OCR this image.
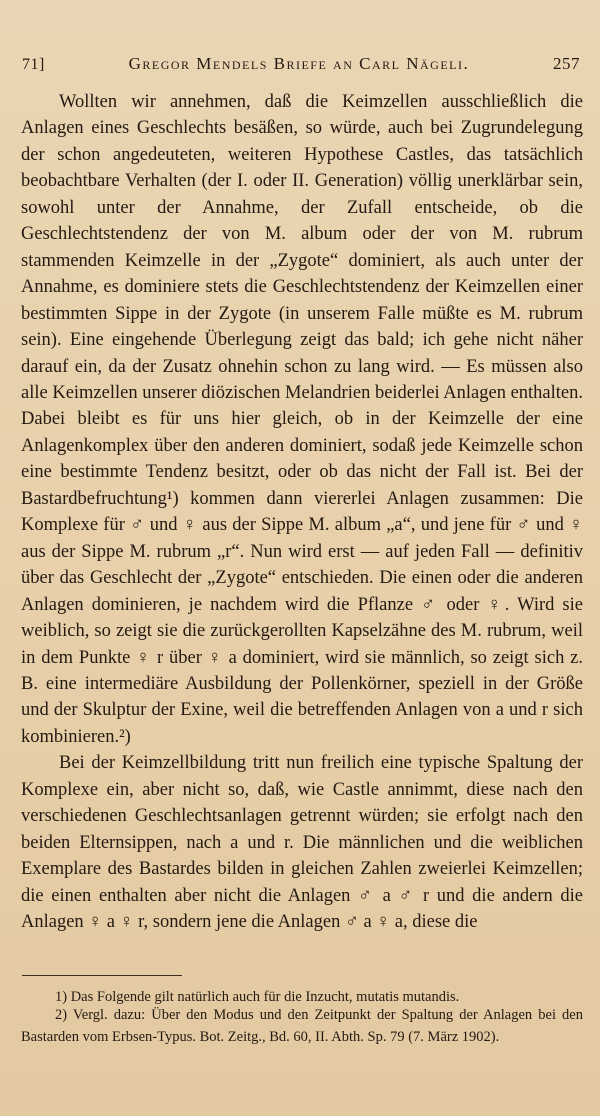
71]	Gregor Mendels Briefe an Carl Nägeli.	257

Wollten wir annehmen, daß die Keimzellen ausschließlich die Anlagen eines Geschlechts besäßen, so würde, auch bei Zugrundelegung der schon angedeuteten, weiteren Hypothese Castles, das tatsächlich beobachtbare Verhalten (der I. oder II. Generation) völlig unerklärbar sein, sowohl unter der Annahme, der Zufall entscheide, ob die Geschlechtstendenz der von M. album oder der von M. rubrum stammenden Keimzelle in der „Zygote“ dominiert, als auch unter der Annahme, es dominiere stets die Geschlechtstendenz der Keimzellen einer bestimmten Sippe in der Zygote (in unserem Falle müßte es M. rubrum sein). Eine eingehende Überlegung zeigt das bald; ich gehe nicht näher darauf ein, da der Zusatz ohnehin schon zu lang wird. — Es müssen also alle Keimzellen unserer diözischen Melandrien beiderlei Anlagen enthalten. Dabei bleibt es für uns hier gleich, ob in der Keimzelle der eine Anlagenkomplex über den anderen dominiert, sodaß jede Keimzelle schon eine bestimmte Tendenz besitzt, oder ob das nicht der Fall ist. Bei der Bastardbefruchtung¹) kommen dann viererlei Anlagen zusammen: Die Komplexe für ♂ und ♀ aus der Sippe M. album „a“, und jene für ♂ und ♀ aus der Sippe M. rubrum „r“. Nun wird erst — auf jeden Fall — definitiv über das Geschlecht der „Zygote“ entschieden. Die einen oder die anderen Anlagen dominieren, je nachdem wird die Pflanze ♂ oder ♀. Wird sie weiblich, so zeigt sie die zurückgerollten Kapselzähne des M. rubrum, weil in dem Punkte ♀ r über ♀ a dominiert, wird sie männlich, so zeigt sich z. B. eine intermediäre Ausbildung der Pollenkörner, speziell in der Größe und der Skulptur der Exine, weil die betreffenden Anlagen von a und r sich kombinieren.²)

Bei der Keimzellbildung tritt nun freilich eine typische Spaltung der Komplexe ein, aber nicht so, daß, wie Castle annimmt, diese nach den verschiedenen Geschlechtsanlagen getrennt würden; sie erfolgt nach den beiden Elternsippen, nach a und r. Die männlichen und die weiblichen Exemplare des Bastardes bilden in gleichen Zahlen zweierlei Keimzellen; die einen enthalten aber nicht die Anlagen ♂ a ♂ r und die andern die Anlagen ♀ a ♀ r, sondern jene die Anlagen ♂ a ♀ a, diese die

1) Das Folgende gilt natürlich auch für die Inzucht, mutatis mutandis.

2) Vergl. dazu: Über den Modus und den Zeitpunkt der Spaltung der Anlagen bei den Bastarden vom Erbsen-Typus. Bot. Zeitg., Bd. 60, II. Abth. Sp. 79 (7. März 1902).
